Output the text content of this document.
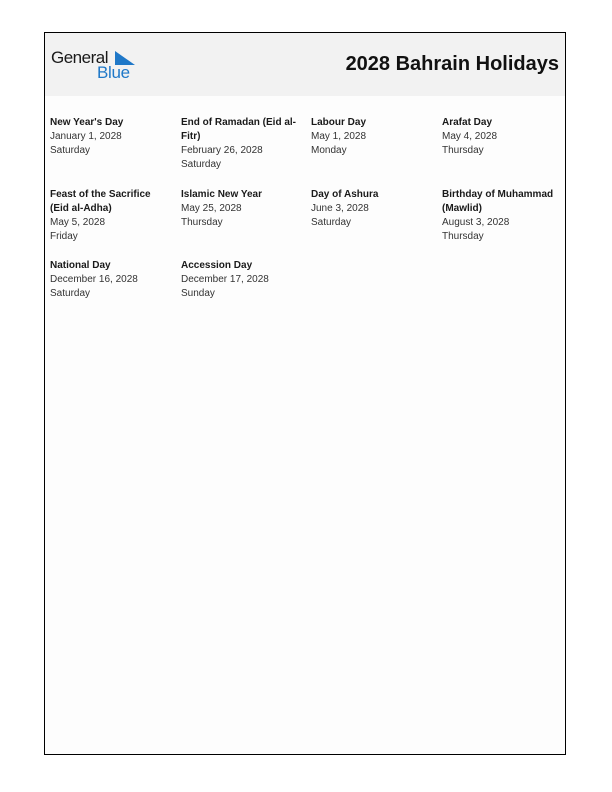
General
Blue	2028 Bahrain Holidays
New Year's Day
January 1, 2028
Saturday
End of Ramadan (Eid al-Fitr)
February 26, 2028
Saturday
Labour Day
May 1, 2028
Monday
Arafat Day
May 4, 2028
Thursday
Feast of the Sacrifice (Eid al-Adha)
May 5, 2028
Friday
Islamic New Year
May 25, 2028
Thursday
Day of Ashura
June 3, 2028
Saturday
Birthday of Muhammad (Mawlid)
August 3, 2028
Thursday
National Day
December 16, 2028
Saturday
Accession Day
December 17, 2028
Sunday
